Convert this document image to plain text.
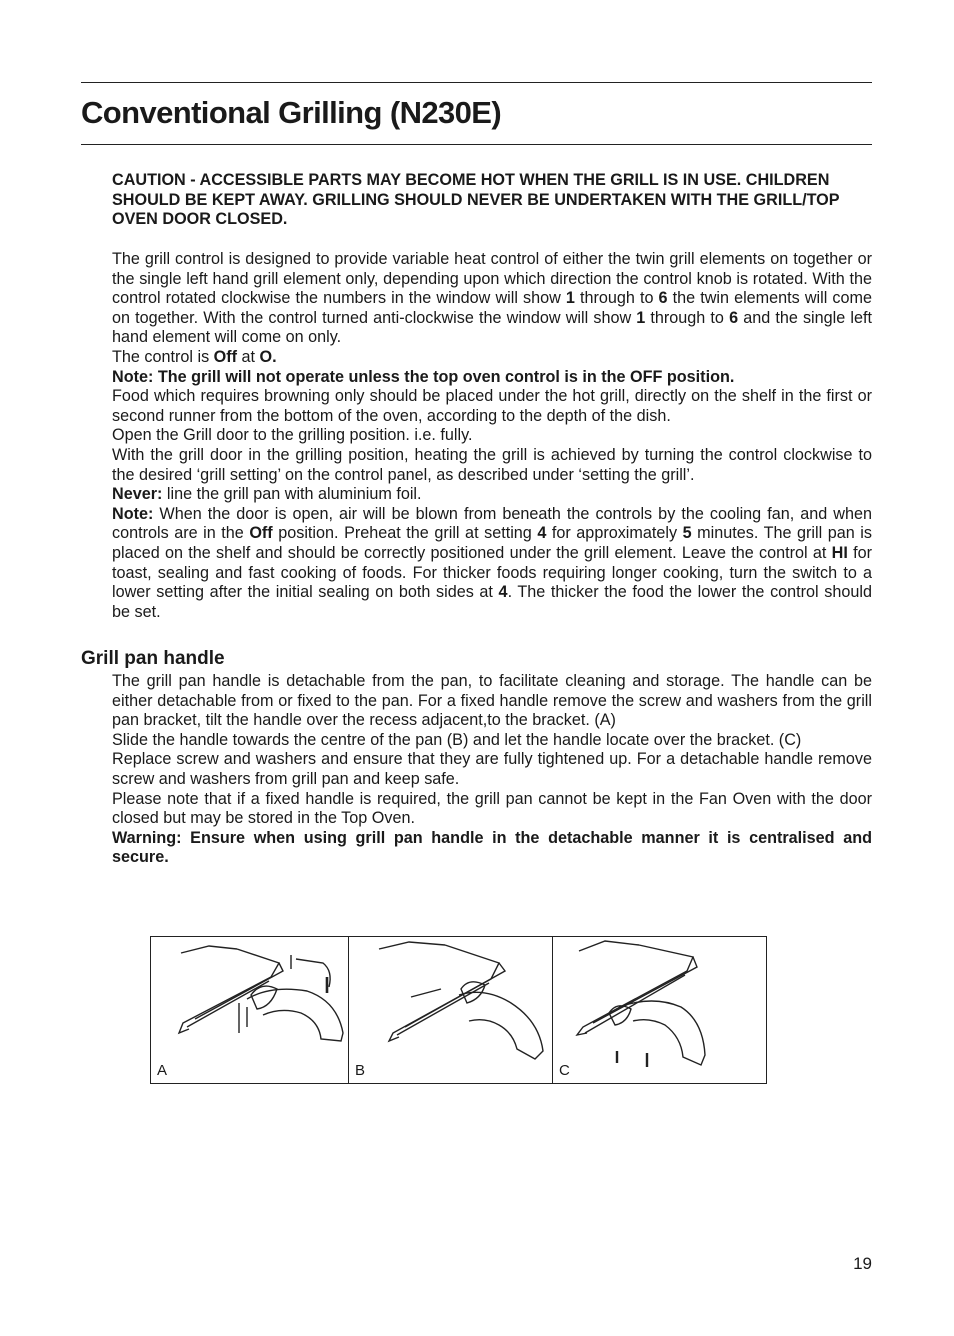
Conventional Grilling (N230E)
CAUTION - ACCESSIBLE PARTS MAY BECOME HOT WHEN THE GRILL IS IN USE. CHILDREN SHOULD BE KEPT AWAY. GRILLING SHOULD NEVER BE UNDERTAKEN WITH THE GRILL/TOP OVEN DOOR CLOSED.

The grill control is designed to provide variable heat control of either the twin grill elements on together or the single left hand grill element only, depending upon which direction the control knob is rotated. With the control rotated clockwise the numbers in the window will show 1 through to 6 the twin elements will come on together. With the control turned anti-clockwise the window will show 1 through to 6 and the single left hand element will come on only.

The control is Off at O.

Note: The grill will not operate unless the top oven control is in the OFF position.

Food which requires browning only should be placed under the hot grill, directly on the shelf in the first or second runner from the bottom of the oven, according to the depth of the dish.

Open the Grill door to the grilling position. i.e. fully.

With the grill door in the grilling position, heating the grill is achieved by turning the control clockwise to the desired ‘grill setting’ on the control panel, as described under ‘setting the grill’.

Never: line the grill pan with aluminium foil.

Note: When the door is open, air will be blown from beneath the controls by the cooling fan, and when controls are in the Off position. Preheat the grill at setting 4 for approximately 5 minutes. The grill pan is placed on the shelf and should be correctly positioned under the grill element. Leave the control at HI for toast, sealing and fast cooking of foods. For thicker foods requiring longer cooking, turn the switch to a lower setting after the initial sealing on both sides at 4. The thicker the food the lower the control should be set.

Grill pan handle

The grill pan handle is detachable from the pan, to facilitate cleaning and storage. The handle can be either detachable from or fixed to the pan. For a fixed handle remove the screw and washers from the grill pan bracket, tilt the handle over the recess adjacent,to the bracket. (A)

Slide the handle towards the centre of the pan (B) and let the handle locate over the bracket. (C)

Replace screw and washers and ensure that they are fully tightened up. For a detachable handle remove screw and washers from grill pan and keep safe.

Please note that if a fixed handle is required, the grill pan cannot be kept in the Fan Oven with the door closed but may be stored in the Top Oven.

Warning: Ensure when using grill pan handle in the detachable manner it is centralised and secure.

A	B	C
19
